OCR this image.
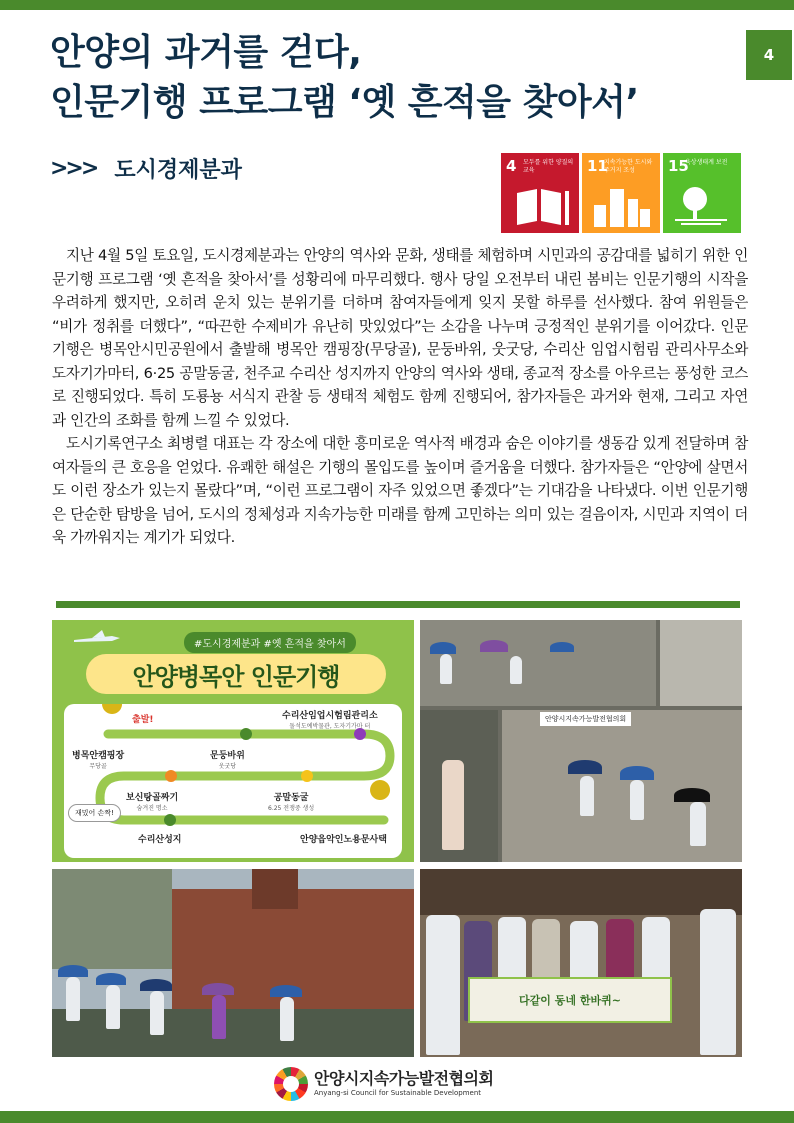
4
안양의 과거를 걷다,
인문기행 프로그램 ‘옛 흔적을 찾아서’
>>> 도시경제분과	4 모두를 위한 양질의 교육	11
지속가능한 도시와 주거지 조성	15
육상생태계 보전

지난 4월 5일 토요일, 도시경제분과는 안양의 역사와 문화, 생태를 체험하며 시민과의 공감대를 넓히기 위한 인문기행 프로그램 ‘옛 흔적을 찾아서’를 성황리에 마무리했다. 행사 당일 오전부터 내린 봄비는 인문기행의 시작을 우려하게 했지만, 오히려 운치 있는 분위기를 더하며 참여자들에게 잊지 못할 하루를 선사했다. 참여 위원들은 “비가 정취를 더했다”, “따끈한 수제비가 유난히 맛있었다”는 소감을 나누며 긍정적인 분위기를 이어갔다. 인문기행은 병목안시민공원에서 출발해 병목안 캠핑장(무당골), 문둥바위, 웃굿당, 수리산 임업시험림 관리사무소와 도자기가마터, 6·25 공말동굴, 천주교 수리산 성지까지 안양의 역사와 생태, 종교적 장소를 아우르는 풍성한 코스로 진행되었다. 특히 도룡뇽 서식지 관찰 등 생태적 체험도 함께 진행되어, 참가자들은 과거와 현재, 그리고 자연과 인간의 조화를 함께 느낄 수 있었다.

도시기록연구소 최병렬 대표는 각 장소에 대한 흥미로운 역사적 배경과 숨은 이야기를 생동감 있게 전달하며 참여자들의 큰 호응을 얻었다. 유쾌한 해설은 기행의 몰입도를 높이며 즐거움을 더했다. 참가자들은 “안양에 살면서도 이런 장소가 있는지 몰랐다”며, “이런 프로그램이 자주 있었으면 좋겠다”는 기대감을 나타냈다. 이번 인문기행은 단순한 탐방을 넘어, 도시의 정체성과 지속가능한 미래를 함께 고민하는 의미 있는 걸음이자, 시민과 지역이 더욱 가까워지는 계기가 되었다.

#도시경제분과 #옛 흔적을 찾아서
안양병목안 인문기행
출발!
병목안캠핑장
무당골
문둥바위
웃굿당
수리산임업시험림관리소
돌석도예박물관, 도자기가마 터
보신탕골짜기
숨겨진 명소
공말동굴
6.25 전쟁중 생성
수리산성지	안양읍악인노용문사택
재밌어 손짝!
안양시지속가능발전협의회
다같이 동네 한바퀴~
안양시지속가능발전협의회
Anyang-si Council for Sustainable Development
